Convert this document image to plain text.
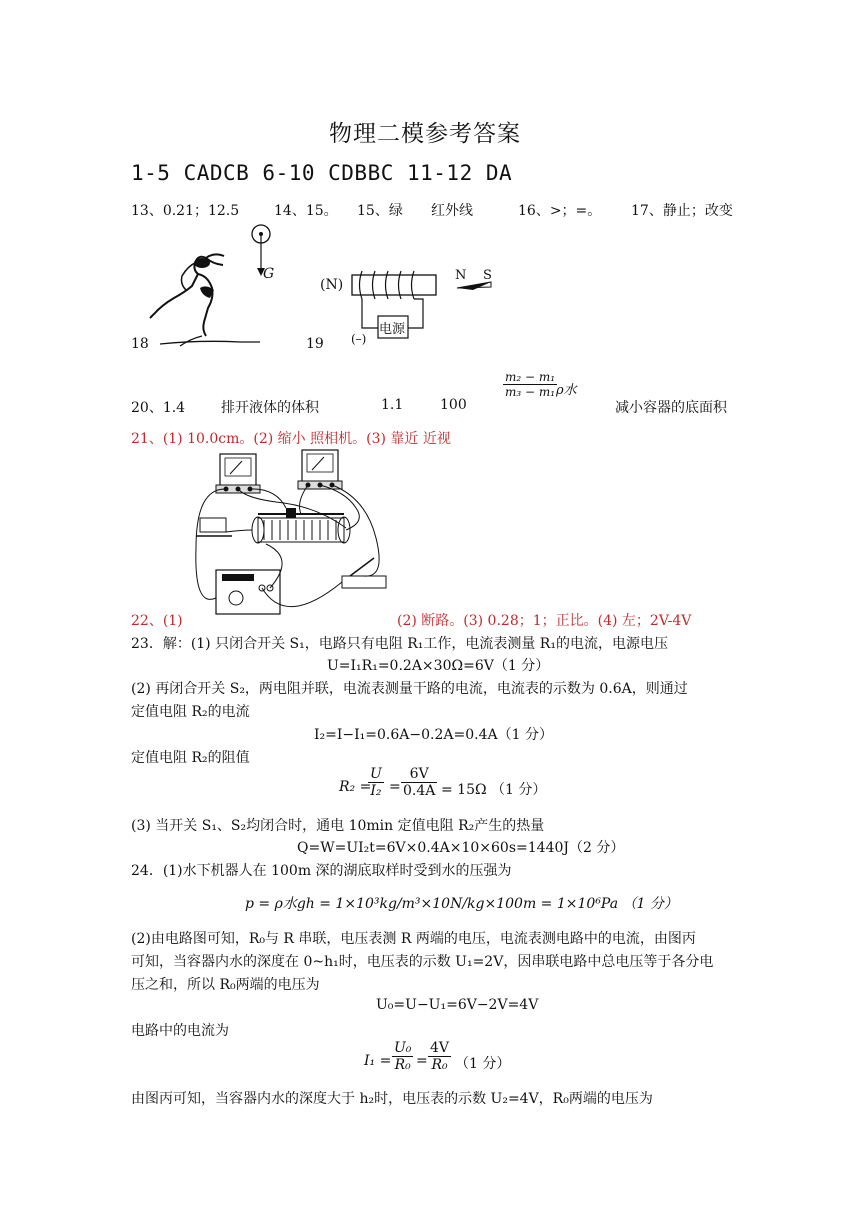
物理二模参考答案
1-5 CADCB 6-10 CDBBC 11-12 DA
13、0.21；12.5 14、15。 15、绿 红外线	16、>；=。 17、静止；改变
G
18
(N)
电源
(–)
N S
19
20、1.4	排开液体的体积	1.1	100
$\frac{\text{m₂ − m₁}}{\text{m₃ − m₁}}$
ρ水
减小容器的底面积
21、(1) 10.0cm。(2) 缩小 照相机。(3) 靠近 近视
22、(1)	(2) 断路。(3) 0.28；1；正比。(4) 左；2V-4V
23．解：(1) 只闭合开关 S₁，电路只有电阻 R₁工作，电流表测量 R₁的电流，电源电压
U=I₁R₁=0.2A×30Ω=6V（1 分）
(2) 再闭合开关 S₂，两电阻并联，电流表测量干路的电流，电流表的示数为 0.6A，则通过
定值电阻 R₂的电流
I₂=I−I₁=0.6A−0.2A=0.4A（1 分）
定值电阻 R₂的阻值
R₂ =
$\frac{U}{\text{I₂}} = \frac{6V}{0.4A} = 15\Omega$ （1 分）
(3) 当开关 S₁、S₂均闭合时，通电 10min 定值电阻 R₂产生的热量
Q=W=UI₂t=6V×0.4A×10×60s=1440J（2 分）
24．(1)水下机器人在 100m 深的湖底取样时受到水的压强为
p = ρ水gh = 1×10³kg/m³×10N/kg×100m = 1×10⁶Pa （1 分）
(2)由电路图可知，R₀与 R 串联，电压表测 R 两端的电压，电流表测电路中的电流，由图丙
可知，当容器内水的深度在 0~h₁时，电压表的示数 U₁=2V，因串联电路中总电压等于各分电
压之和，所以 R₀两端的电压为
U₀=U−U₁=6V−2V=4V
电路中的电流为
$I_1 = \frac{\text{U₀}}{\text{R₀}} = \frac{4V}{\text{R₀}} (1$ 分）
由图丙可知，当容器内水的深度大于 h₂时，电压表的示数 U₂=4V，R₀两端的电压为
